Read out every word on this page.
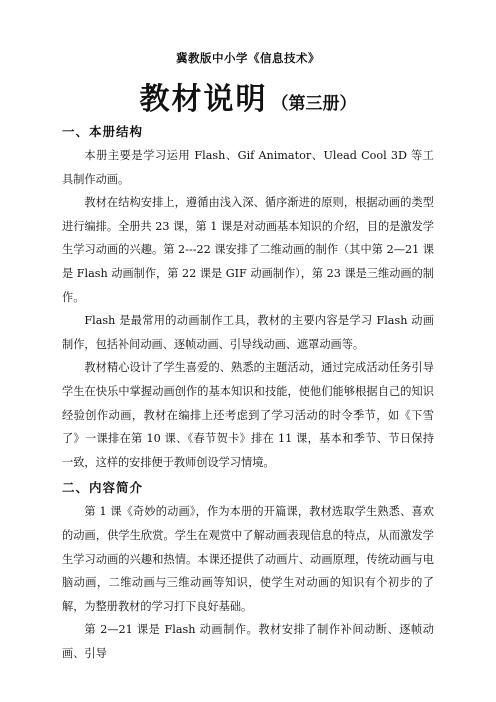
冀教版中小学《信息技术》
教材说明 （第三册）
一、本册结构

本册主要是学习运用 Flash、Gif Animator、Ulead Cool 3D 等工具制作动画。

教材在结构安排上，遵循由浅入深、循序渐进的原则，根据动画的类型进行编排。全册共 23 课，第 1 课是对动画基本知识的介绍，目的是激发学生学习动画的兴趣。第 2---22 课安排了二维动画的制作（其中第 2—21 课是 Flash 动画制作，第 22 课是 GIF 动画制作），第 23 课是三维动画的制作。

Flash 是最常用的动画制作工具，教材的主要内容是学习 Flash 动画制作，包括补间动画、逐帧动画、引导线动画、遮罩动画等。

教材精心设计了学生喜爱的、熟悉的主题活动，通过完成活动任务引导学生在快乐中掌握动画创作的基本知识和技能，使他们能够根据自己的知识经验创作动画，教材在编排上还考虑到了学习活动的时令季节，如《下雪了》一课排在第 10 课、《春节贺卡》排在 11 课，基本和季节、节日保持一致，这样的安排便于教师创设学习情境。

二、内容简介

第 1 课《奇妙的动画》，作为本册的开篇课，教材选取学生熟悉、喜欢的动画，供学生欣赏。学生在观赏中了解动画表现信息的特点，从而激发学生学习动画的兴趣和热情。本课还提供了动画片、动画原理，传统动画与电脑动画，二维动画与三维动画等知识，使学生对动画的知识有个初步的了解，为整册教材的学习打下良好基础。

第 2—21 课是 Flash 动画制作。教材安排了制作补间动断、逐帧动画、引导
